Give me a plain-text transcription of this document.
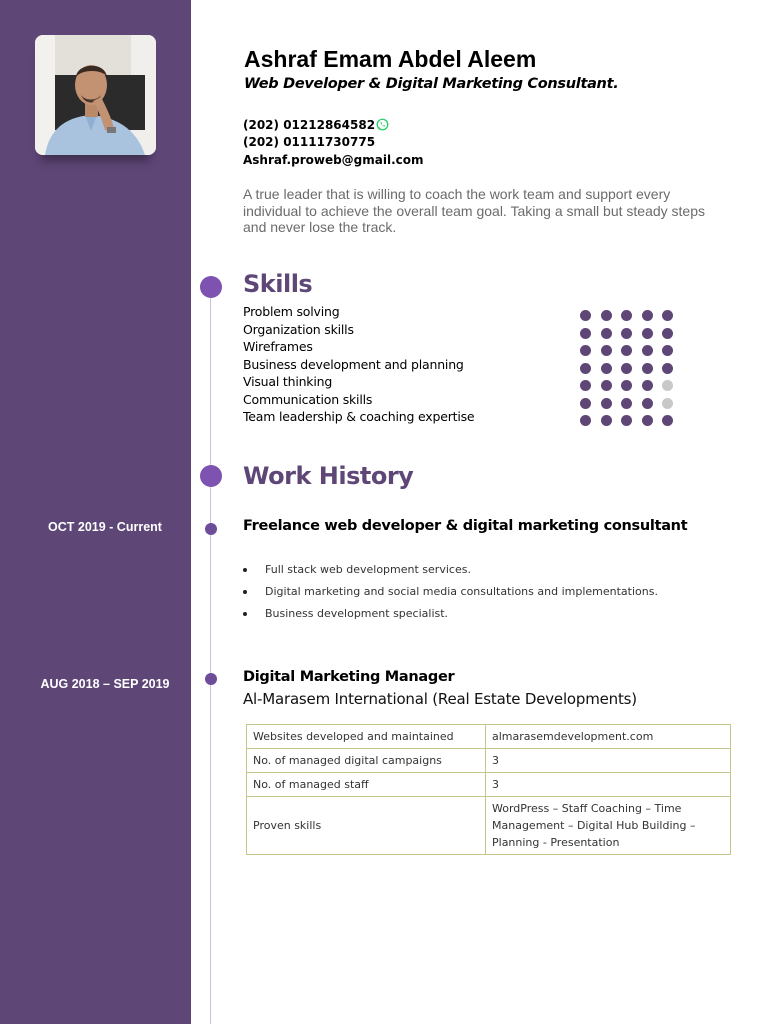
OCT 2019 - Current
AUG 2018 – SEP 2019
Ashraf Emam Abdel Aleem
Web Developer & Digital Marketing Consultant.
(202) 01212864582
(202) 01111730775
Ashraf.proweb@gmail.com
A true leader that is willing to coach the work team and support every individual to achieve the overall team goal. Taking a small but steady steps and never lose the track.
Skills
Problem solving
Organization skills
Wireframes
Business development and planning
Visual thinking
Communication skills
Team leadership & coaching expertise
Work History
Freelance web developer & digital marketing consultant
Full stack web development services.
Digital marketing and social media consultations and implementations.
Business development specialist.
Digital Marketing Manager
Al-Marasem International (Real Estate Developments)
Websites developed and maintained	almarasemdevelopment.com
No. of managed digital campaigns	3
No. of managed staff	3
Proven skills	WordPress – Staff Coaching – Time Management – Digital Hub Building – Planning - Presentation
